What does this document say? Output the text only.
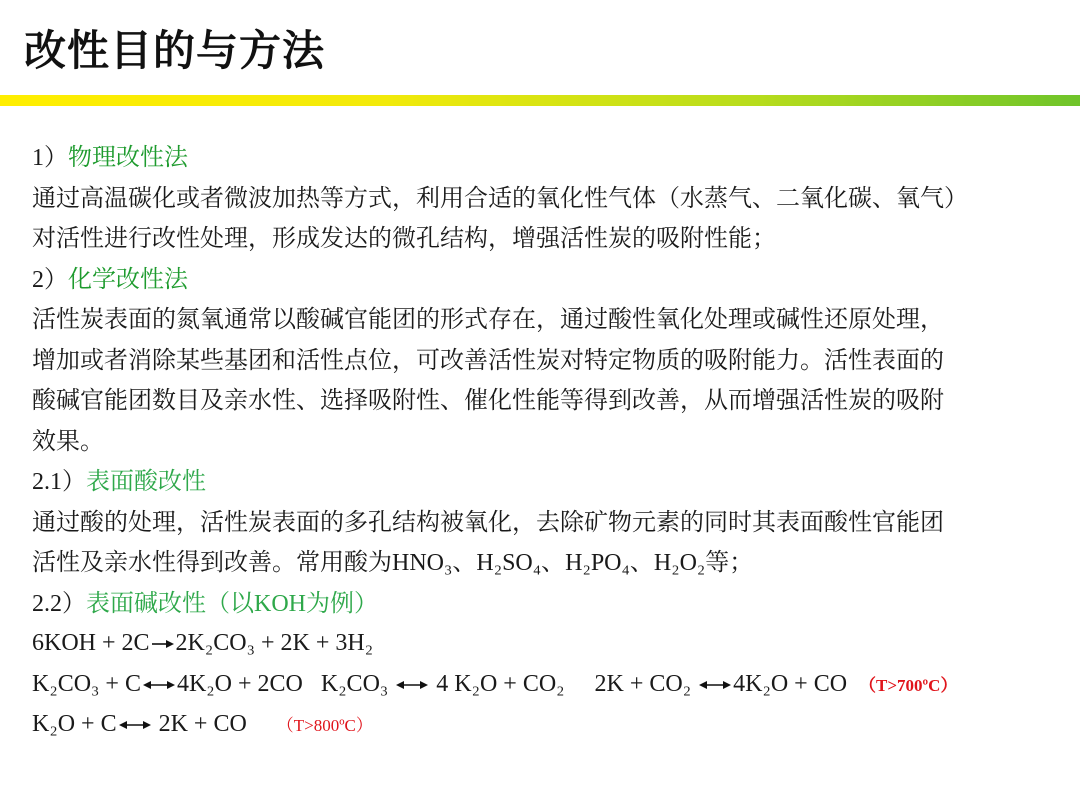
改性目的与方法
1）物理改性法
通过高温碳化或者微波加热等方式，利用合适的氧化性气体（水蒸气、二氧化碳、氧气）
对活性进行改性处理，形成发达的微孔结构，增强活性炭的吸附性能；
2）化学改性法
活性炭表面的氮氧通常以酸碱官能团的形式存在，通过酸性氧化处理或碱性还原处理，
增加或者消除某些基团和活性点位，可改善活性炭对特定物质的吸附能力。活性表面的
酸碱官能团数目及亲水性、选择吸附性、催化性能等得到改善，从而增强活性炭的吸附
效果。
2.1）表面酸改性
通过酸的处理，活性炭表面的多孔结构被氧化，去除矿物元素的同时其表面酸性官能团
活性及亲水性得到改善。常用酸为HNO₃、H₂SO₄、H₂PO₄、H₂O₂等；
2.2）表面碱改性（以KOH为例）
6KOH + 2C 2K₂CO₃ + 2K + 3H₂
K₂CO₃ + C 4K₂O + 2CO K₂CO₃ 4 K₂O + CO₂ 2K + CO₂ 4K₂O + CO （T>700ºC）
K₂O + C 2K + CO （T>800ºC）
